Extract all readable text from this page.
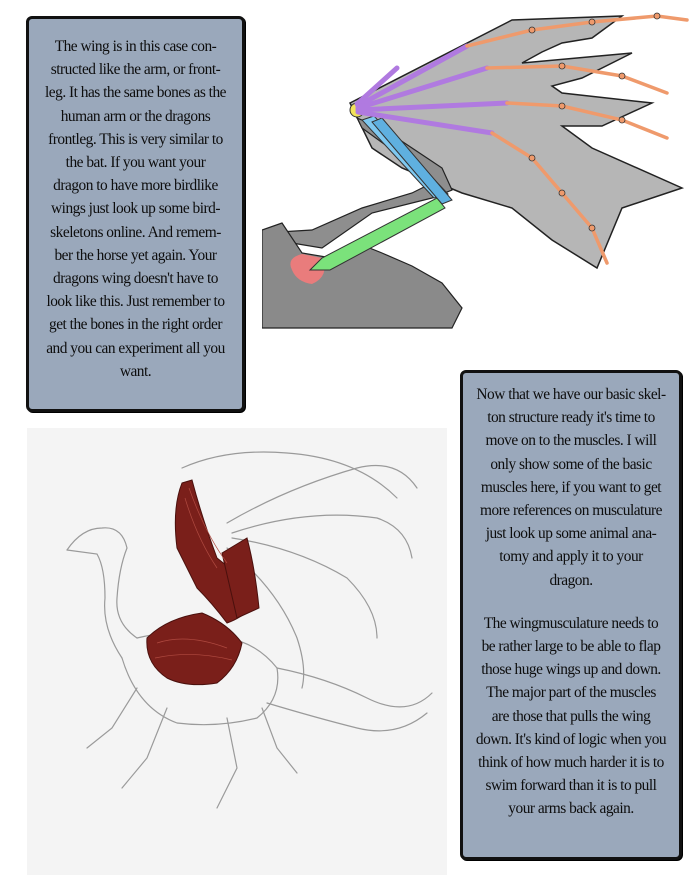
The wing is in this case con-
structed like the arm, or front-
leg. It has the same bones as the
human arm or the dragons
frontleg. This is very similar to
the bat. If you want your
dragon to have more birdlike
wings just look up some bird-
skeletons online. And remem-
ber the horse yet again. Your
dragons wing doesn't have to
look like this. Just remember to
get the bones in the right order
and you can experiment all you
want.

Now that we have our basic skel-
ton structure ready it's time to
move on to the muscles. I will
only show some of the basic
muscles here, if you want to get
more references on musculature
just look up some animal ana-
tomy and apply it to your
dragon.

The wingmusculature needs to
be rather large to be able to flap
those huge wings up and down.
The major part of the muscles
are those that pulls the wing
down. It's kind of logic when you
think of how much harder it is to
swim forward than it is to pull
your arms back again.
